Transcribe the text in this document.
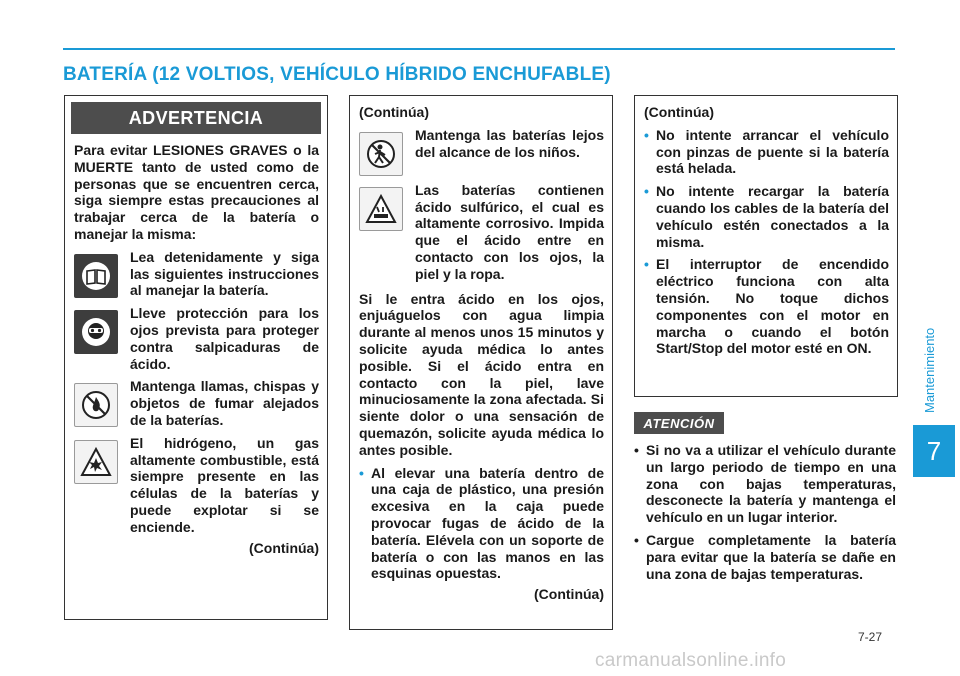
BATERÍA (12 VOLTIOS, VEHÍCULO HÍBRIDO ENCHUFABLE)
Mantenimiento
7
ADVERTENCIA
Para evitar LESIONES GRAVES o la MUERTE tanto de usted como de personas que se encuentren cerca, siga siempre estas precauciones al trabajar cerca de la batería o manejar la misma:
Lea detenidamente y siga las siguientes instrucciones al manejar la batería.
Lleve protección para los ojos prevista para proteger contra salpicaduras de ácido.
Mantenga llamas, chispas y objetos de fumar alejados de la baterías.
El hidrógeno, un gas altamente combustible, está siempre presente en las células de la baterías y puede explotar si se enciende.
(Continúa)
(Continúa)
Mantenga las baterías lejos del alcance de los niños.
Las baterías contienen ácido sulfúrico, el cual es altamente corrosivo. Impida que el ácido entre en contacto con los ojos, la piel y la ropa.
Si le entra ácido en los ojos, enjuáguelos con agua limpia durante al menos unos 15 minutos y solicite ayuda médica lo antes posible. Si el ácido entra en contacto con la piel, lave minuciosamente la zona afectada. Si siente dolor o una sensación de quemazón, solicite ayuda médica lo antes posible.
• Al elevar una batería dentro de una caja de plástico, una presión excesiva en la caja puede provocar fugas de ácido de la batería. Elévela con un soporte de batería o con las manos en las esquinas opuestas.
(Continúa)
(Continúa)
• No intente arrancar el vehículo con pinzas de puente si la batería está helada.
• No intente recargar la batería cuando los cables de la batería del vehículo estén conectados a la misma.
• El interruptor de encendido eléctrico funciona con alta tensión. No toque dichos componentes con el motor en marcha o cuando el botón Start/Stop del motor esté en ON.
ATENCIÓN
• Si no va a utilizar el vehículo durante un largo periodo de tiempo en una zona con bajas temperaturas, desconecte la batería y mantenga el vehículo en un lugar interior.
• Cargue completamente la batería para evitar que la batería se dañe en una zona de bajas temperaturas.
7-27
carmanualsonline.info
